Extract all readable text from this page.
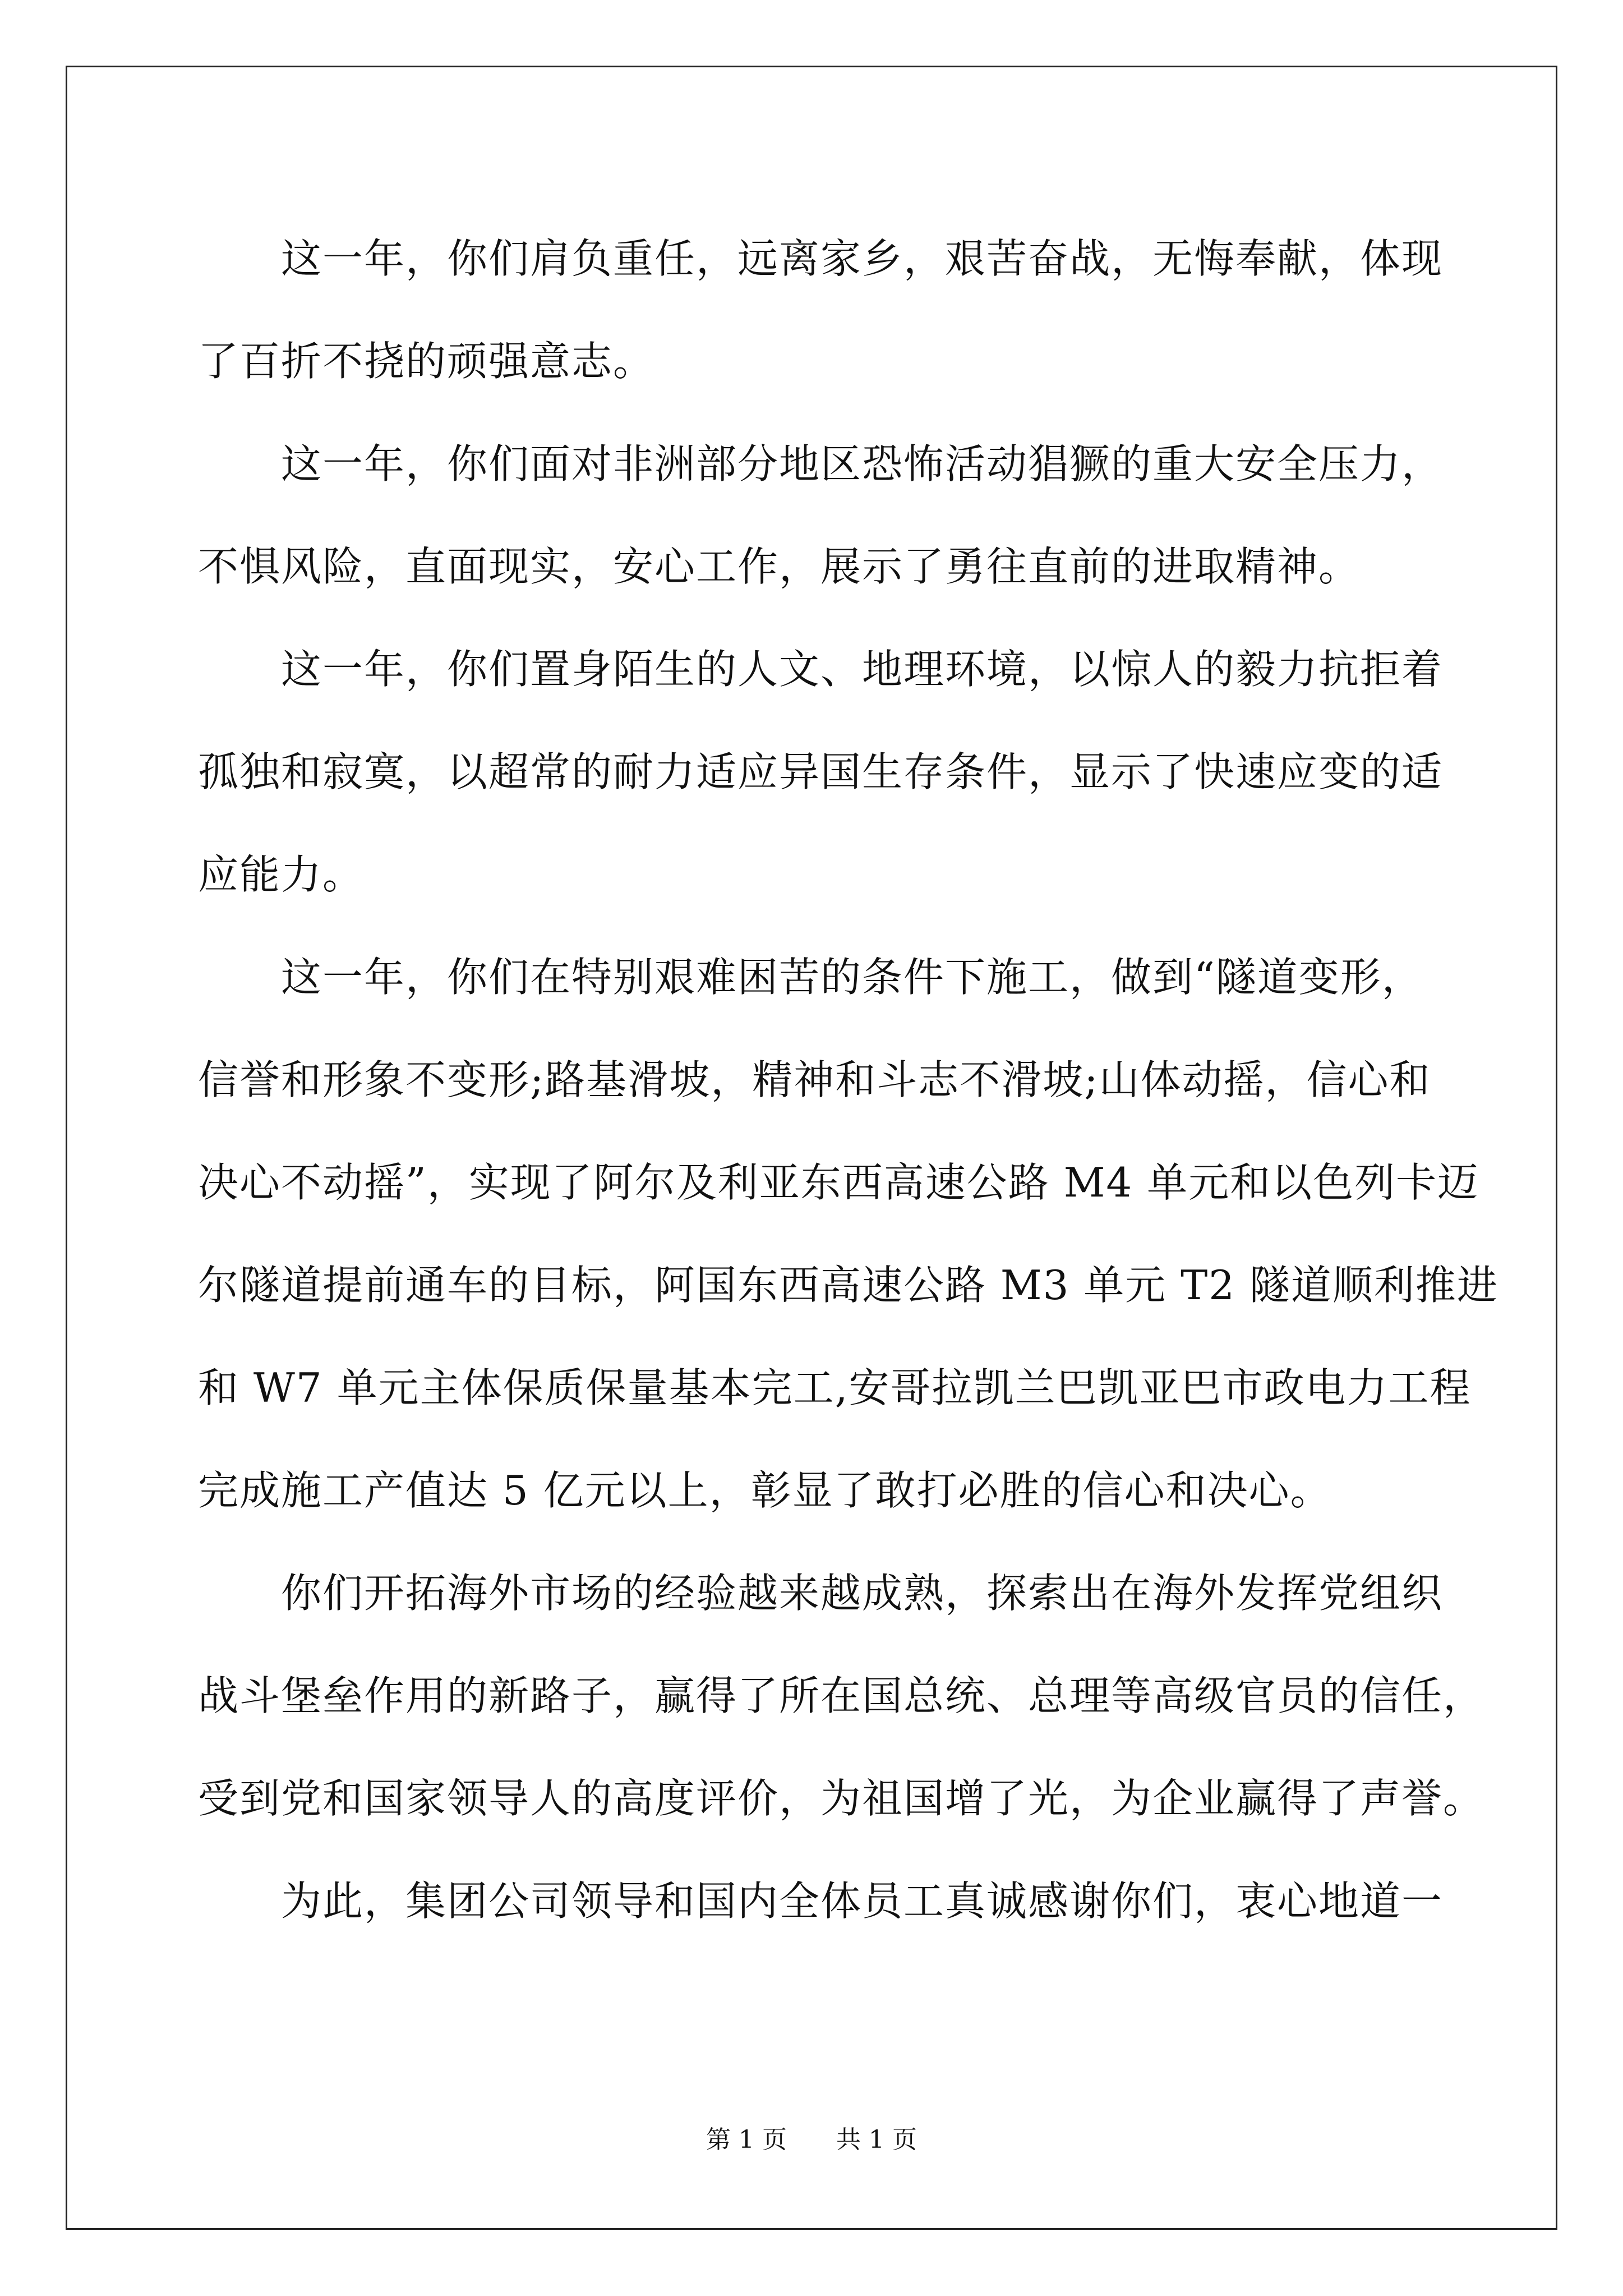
这一年，你们肩负重任，远离家乡，艰苦奋战，无悔奉献，体现
了百折不挠的顽强意志。

这一年，你们面对非洲部分地区恐怖活动猖獗的重大安全压力，
不惧风险，直面现实，安心工作，展示了勇往直前的进取精神。

这一年，你们置身陌生的人文、地理环境，以惊人的毅力抗拒着
孤独和寂寞，以超常的耐力适应异国生存条件，显示了快速应变的适
应能力。

这一年，你们在特别艰难困苦的条件下施工，做到“隧道变形，
信誉和形象不变形;路基滑坡，精神和斗志不滑坡;山体动摇，信心和
决心不动摇”，实现了阿尔及利亚东西高速公路 M4 单元和以色列卡迈
尔隧道提前通车的目标，阿国东西高速公路 M3 单元 T2 隧道顺利推进
和 W7 单元主体保质保量基本完工,安哥拉凯兰巴凯亚巴市政电力工程
完成施工产值达 5 亿元以上，彰显了敢打必胜的信心和决心。

你们开拓海外市场的经验越来越成熟，探索出在海外发挥党组织
战斗堡垒作用的新路子，赢得了所在国总统、总理等高级官员的信任，
受到党和国家领导人的高度评价，为祖国增了光，为企业赢得了声誉。

为此，集团公司领导和国内全体员工真诚感谢你们，衷心地道一

第 1 页 共 1 页
